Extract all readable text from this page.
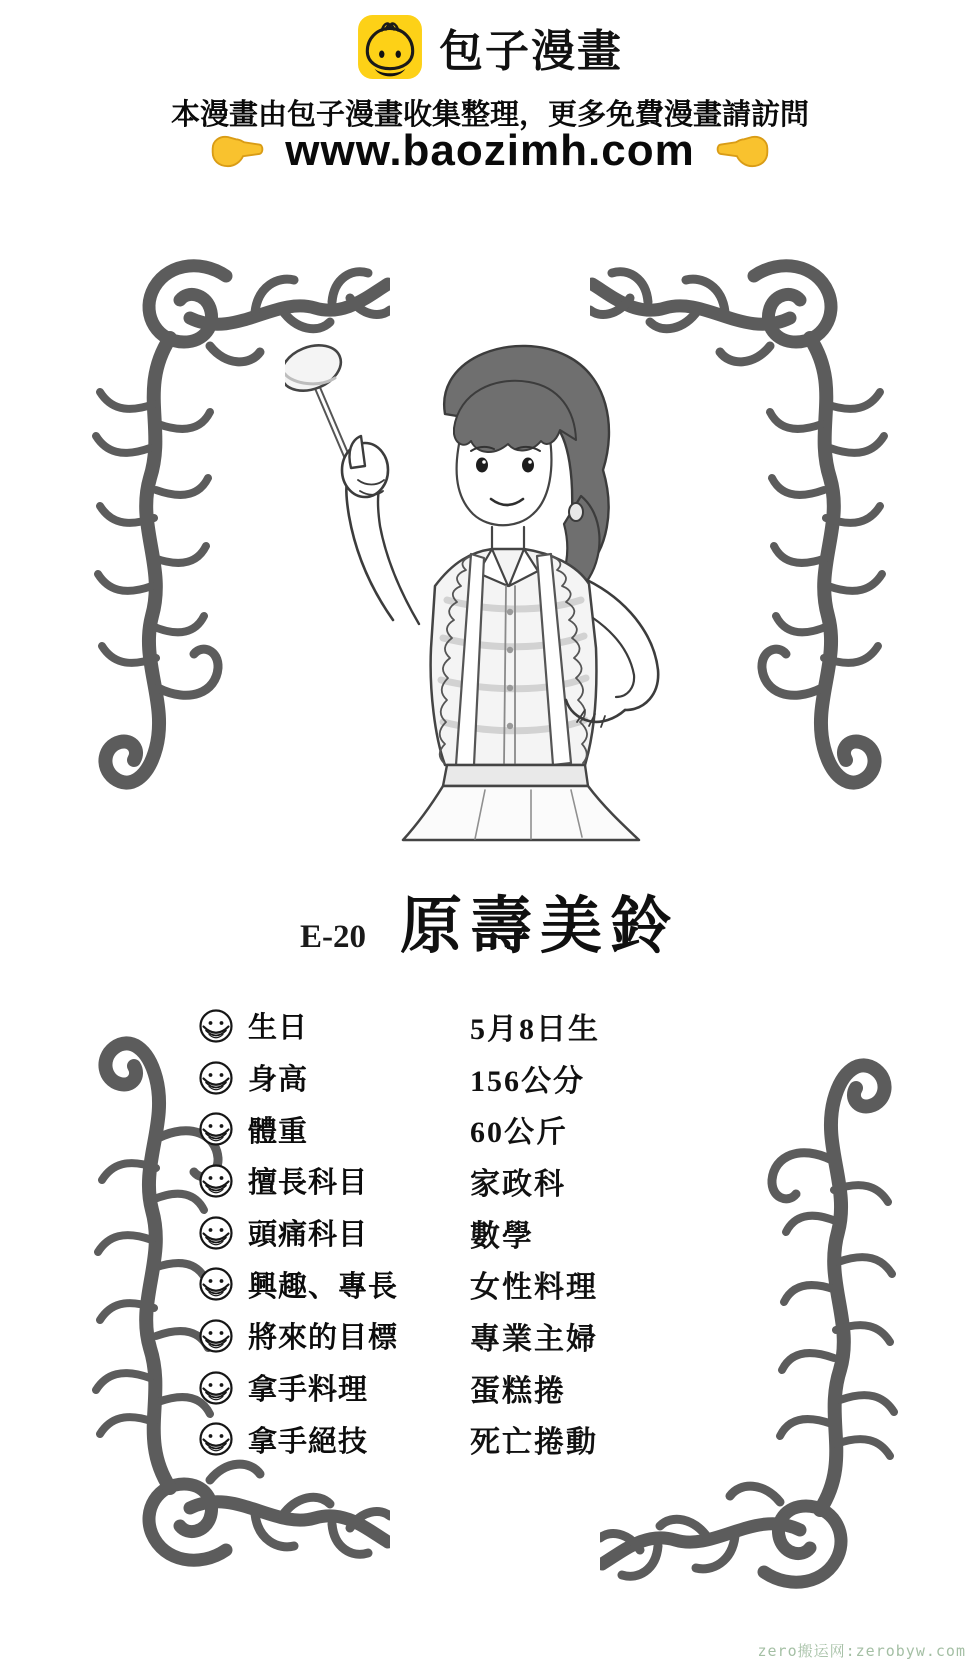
包子漫畫
本漫畫由包子漫畫收集整理，更多免費漫畫請訪問
www.baozimh.com
E-20 原壽美鈴
生日	5月8日生
身高	156公分
體重	60公斤
擅長科目	家政科
頭痛科目	數學
興趣、專長 女性料理
將來的目標 專業主婦
拿手料理	蛋糕捲
拿手絕技	死亡捲動
zero搬运网:zerobyw.com
